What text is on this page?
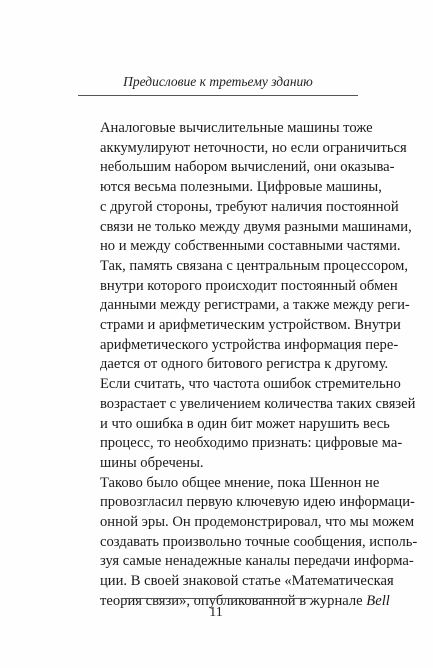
Предисловие к третьему зданию
Аналоговые вычислительные машины тоже
аккумулируют неточности, но если ограничиться
небольшим набором вычислений, они оказыва-
ются весьма полезными. Цифровые машины,
с другой стороны, требуют наличия постоянной
связи не только между двумя разными машинами,
но и между собственными составными частями.
Так, память связана с центральным процессором,
внутри которого происходит постоянный обмен
данными между регистрами, а также между реги-
страми и арифметическим устройством. Внутри
арифметического устройства информация пере-
дается от одного битового регистра к другому.
Если считать, что частота ошибок стремительно
возрастает с увеличением количества таких связей
и что ошибка в один бит может нарушить весь
процесс, то необходимо признать: цифровые ма-
шины обречены.
Таково было общее мнение, пока Шеннон не
провозгласил первую ключевую идею информаци-
онной эры. Он продемонстрировал, что мы можем
создавать произвольно точные сообщения, исполь-
зуя самые ненадежные каналы передачи информа-
ции. В своей знаковой статье «Математическая
теория связи», опубликованной в журнале Bell
11
